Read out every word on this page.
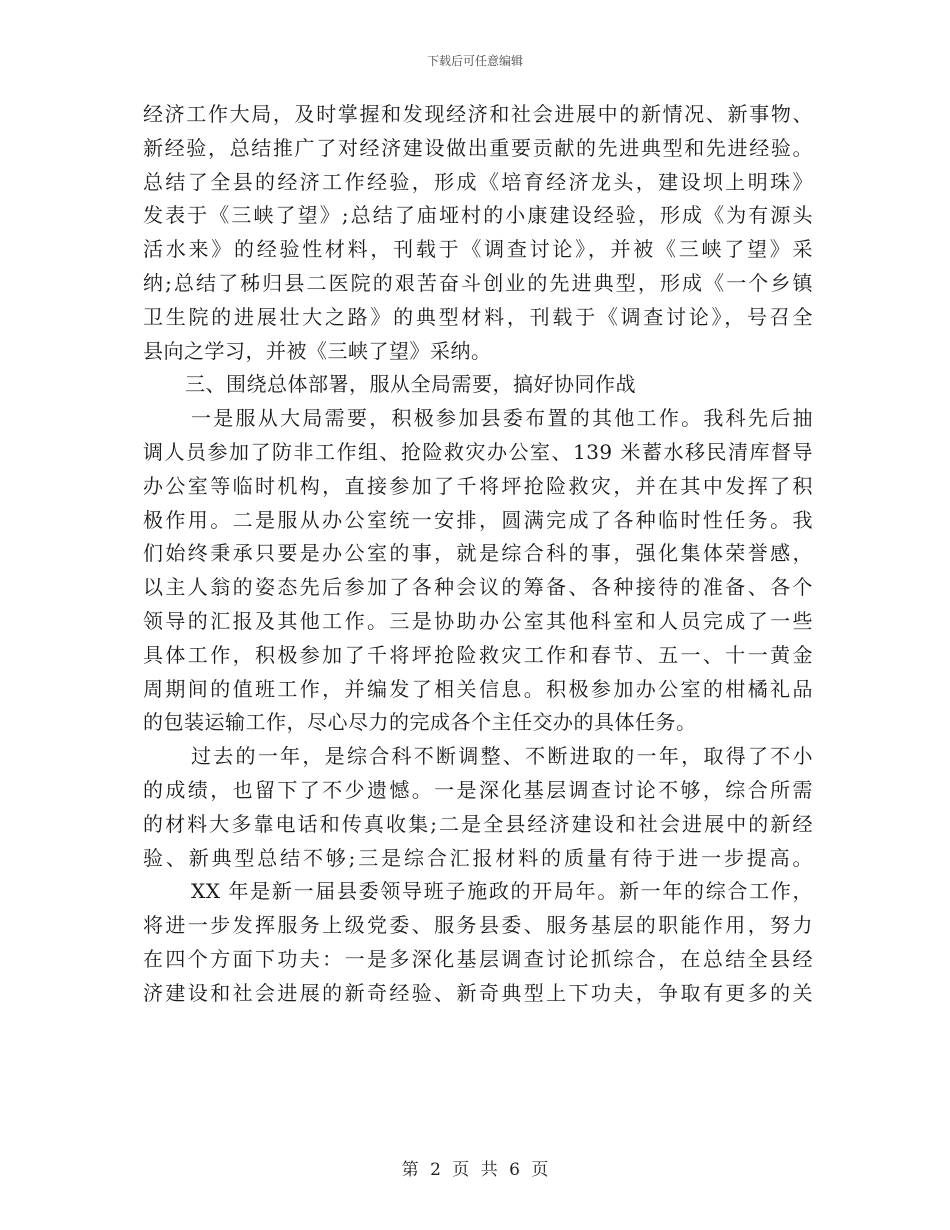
下载后可任意编辑
经济工作大局，及时掌握和发现经济和社会进展中的新情况、新事物、
新经验，总结推广了对经济建设做出重要贡献的先进典型和先进经验。
总结了全县的经济工作经验，形成《培育经济龙头，建设坝上明珠》
发表于《三峡了望》;总结了庙垭村的小康建设经验，形成《为有源头
活水来》的经验性材料，刊载于《调查讨论》，并被《三峡了望》采
纳;总结了秭归县二医院的艰苦奋斗创业的先进典型，形成《一个乡镇
卫生院的进展壮大之路》的典型材料，刊载于《调查讨论》，号召全
县向之学习，并被《三峡了望》采纳。
三、围绕总体部署，服从全局需要，搞好协同作战
一是服从大局需要，积极参加县委布置的其他工作。我科先后抽
调人员参加了防非工作组、抢险救灾办公室、139 米蓄水移民清库督导
办公室等临时机构，直接参加了千将坪抢险救灾，并在其中发挥了积
极作用。二是服从办公室统一安排，圆满完成了各种临时性任务。我
们始终秉承只要是办公室的事，就是综合科的事，强化集体荣誉感，
以主人翁的姿态先后参加了各种会议的筹备、各种接待的准备、各个
领导的汇报及其他工作。三是协助办公室其他科室和人员完成了一些
具体工作，积极参加了千将坪抢险救灾工作和春节、五一、十一黄金
周期间的值班工作，并编发了相关信息。积极参加办公室的柑橘礼品
的包装运输工作，尽心尽力的完成各个主任交办的具体任务。
过去的一年，是综合科不断调整、不断进取的一年，取得了不小
的成绩，也留下了不少遗憾。一是深化基层调查讨论不够，综合所需
的材料大多靠电话和传真收集;二是全县经济建设和社会进展中的新经
验、新典型总结不够;三是综合汇报材料的质量有待于进一步提高。
XX 年是新一届县委领导班子施政的开局年。新一年的综合工作，
将进一步发挥服务上级党委、服务县委、服务基层的职能作用，努力
在四个方面下功夫：一是多深化基层调查讨论抓综合，在总结全县经
济建设和社会进展的新奇经验、新奇典型上下功夫，争取有更多的关
第 2 页 共 6 页
